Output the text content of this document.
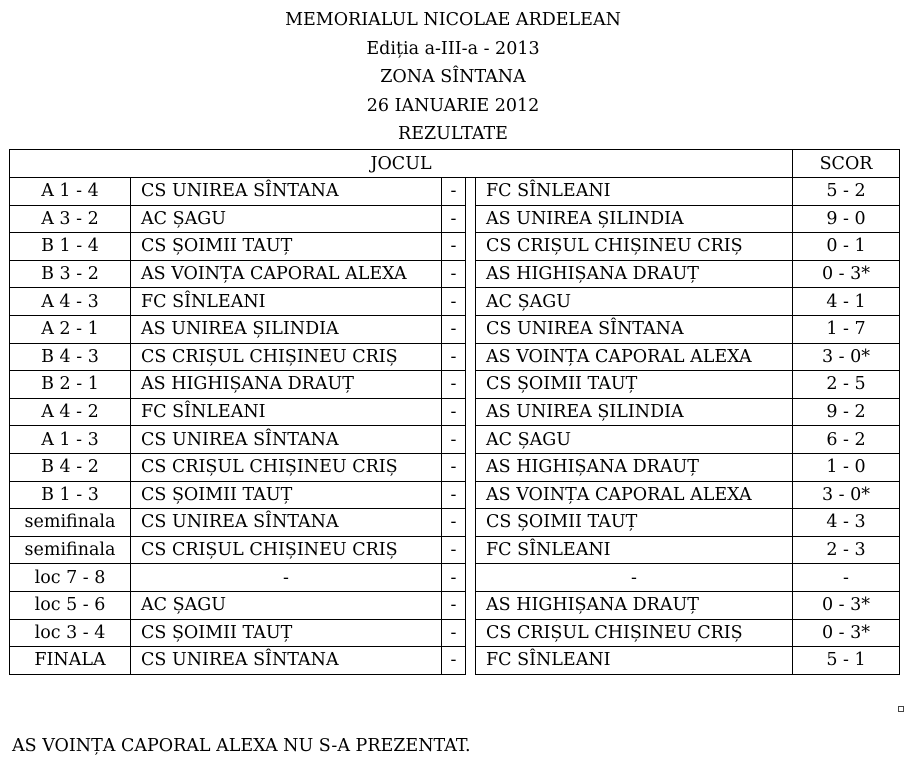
MEMORIALUL NICOLAE ARDELEAN
Ediția a-III-a - 2013
ZONA SÎNTANA
26 IANUARIE 2012
REZULTATE
JOCUL					SCOR
A 1 - 4	CS UNIREA SÎNTANA	-		FC SÎNLEANI	5 - 2
A 3 - 2	AC ȘAGU	-		AS UNIREA ȘILINDIA	9 - 0
B 1 - 4	CS ȘOIMII TAUȚ	-		CS CRIȘUL CHIȘINEU CRIȘ	0 - 1
B 3 - 2	AS VOINȚA CAPORAL ALEXA	-		AS HIGHIȘANA DRAUȚ	0 - 3*
A 4 - 3	FC SÎNLEANI	-		AC ȘAGU	4 - 1
A 2 - 1	AS UNIREA ȘILINDIA	-		CS UNIREA SÎNTANA	1 - 7
B 4 - 3	CS CRIȘUL CHIȘINEU CRIȘ	-		AS VOINȚA CAPORAL ALEXA	3 - 0*
B 2 - 1	AS HIGHIȘANA DRAUȚ	-		CS ȘOIMII TAUȚ	2 - 5
A 4 - 2	FC SÎNLEANI	-		AS UNIREA ȘILINDIA	9 - 2
A 1 - 3	CS UNIREA SÎNTANA	-		AC ȘAGU	6 - 2
B 4 - 2	CS CRIȘUL CHIȘINEU CRIȘ	-		AS HIGHIȘANA DRAUȚ	1 - 0
B 1 - 3	CS ȘOIMII TAUȚ	-		AS VOINȚA CAPORAL ALEXA	3 - 0*
semifinala	CS UNIREA SÎNTANA	-		CS ȘOIMII TAUȚ	4 - 3
semifinala	CS CRIȘUL CHIȘINEU CRIȘ	-		FC SÎNLEANI	2 - 3
loc 7 - 8	-	-		-	-
loc 5 - 6	AC ȘAGU	-		AS HIGHIȘANA DRAUȚ	0 - 3*
loc 3 - 4	CS ȘOIMII TAUȚ	-		CS CRIȘUL CHIȘINEU CRIȘ	0 - 3*
FINALA	CS UNIREA SÎNTANA	-		FC SÎNLEANI	5 - 1
AS VOINȚA CAPORAL ALEXA NU S-A PREZENTAT.
